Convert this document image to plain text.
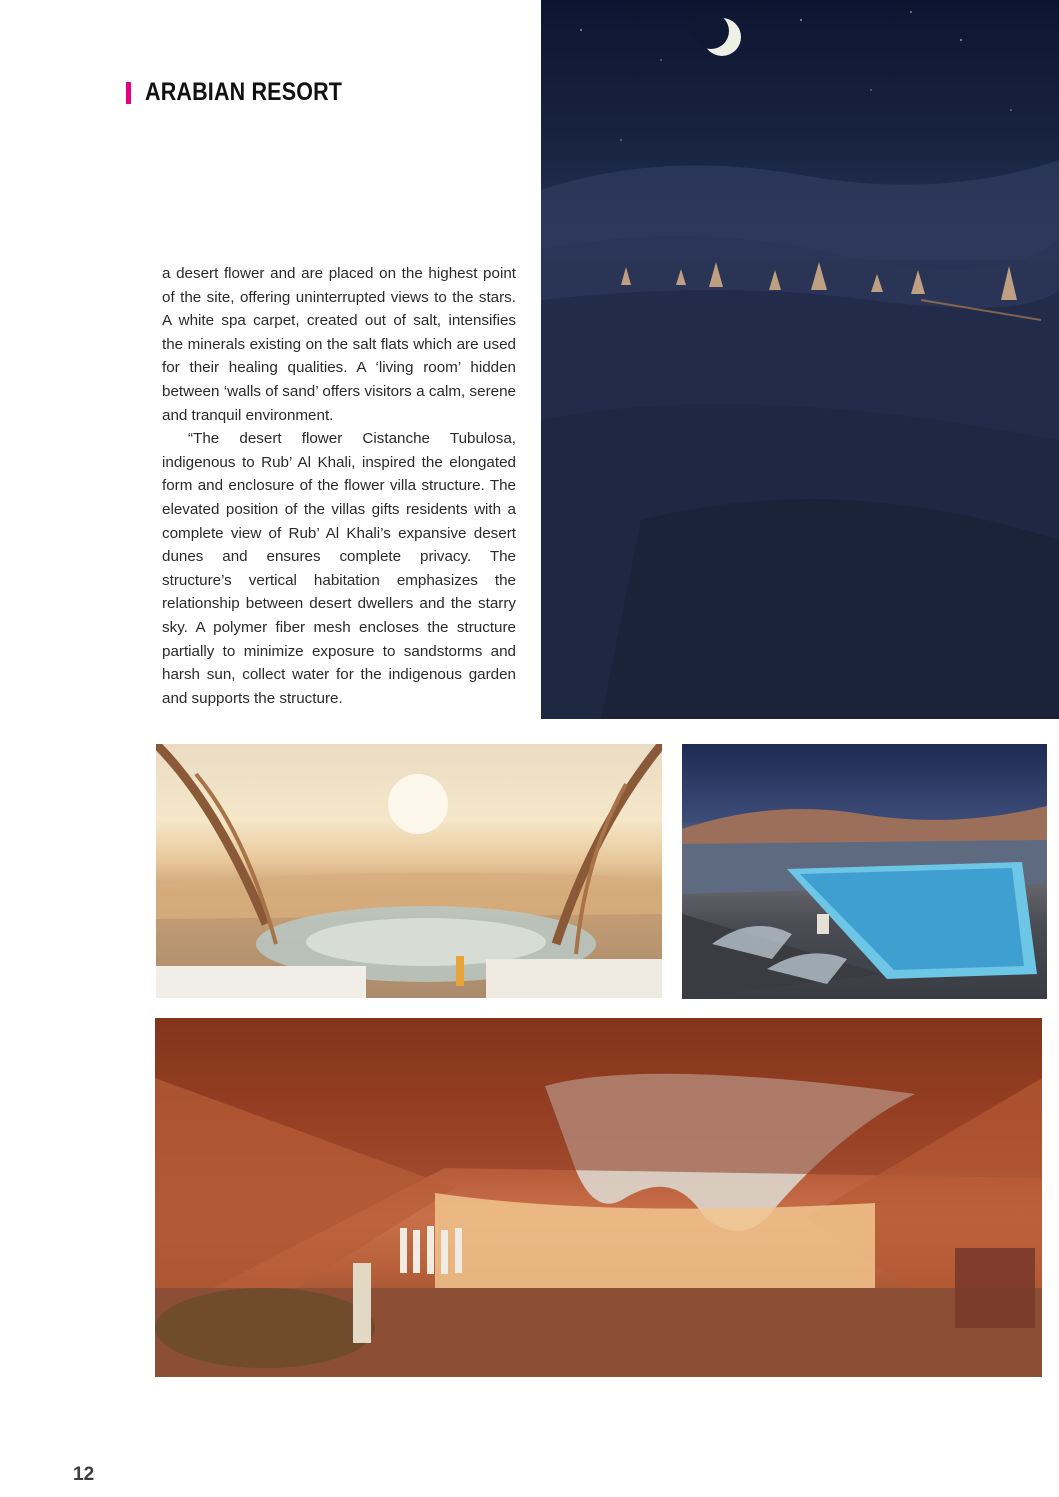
ARABIAN RESORT

a desert flower and are placed on the highest point of the site, offering uninterrupted views to the stars. A white spa carpet, created out of salt, intensifies the minerals existing on the salt flats which are used for their healing qualities. A ‘living room’ hidden between ‘walls of sand’ offers visitors a calm, serene and tranquil environment.

“The desert flower Cistanche Tubulosa, indigenous to Rub’ Al Khali, inspired the elongated form and enclosure of the flower villa structure. The elevated position of the villas gifts residents with a complete view of Rub’ Al Khali’s expansive desert dunes and ensures complete privacy. The structure’s vertical habitation emphasizes the relationship between desert dwellers and the starry sky. A polymer fiber mesh encloses the structure partially to minimize exposure to sandstorms and harsh sun, collect water for the indigenous garden and supports the structure.

12
